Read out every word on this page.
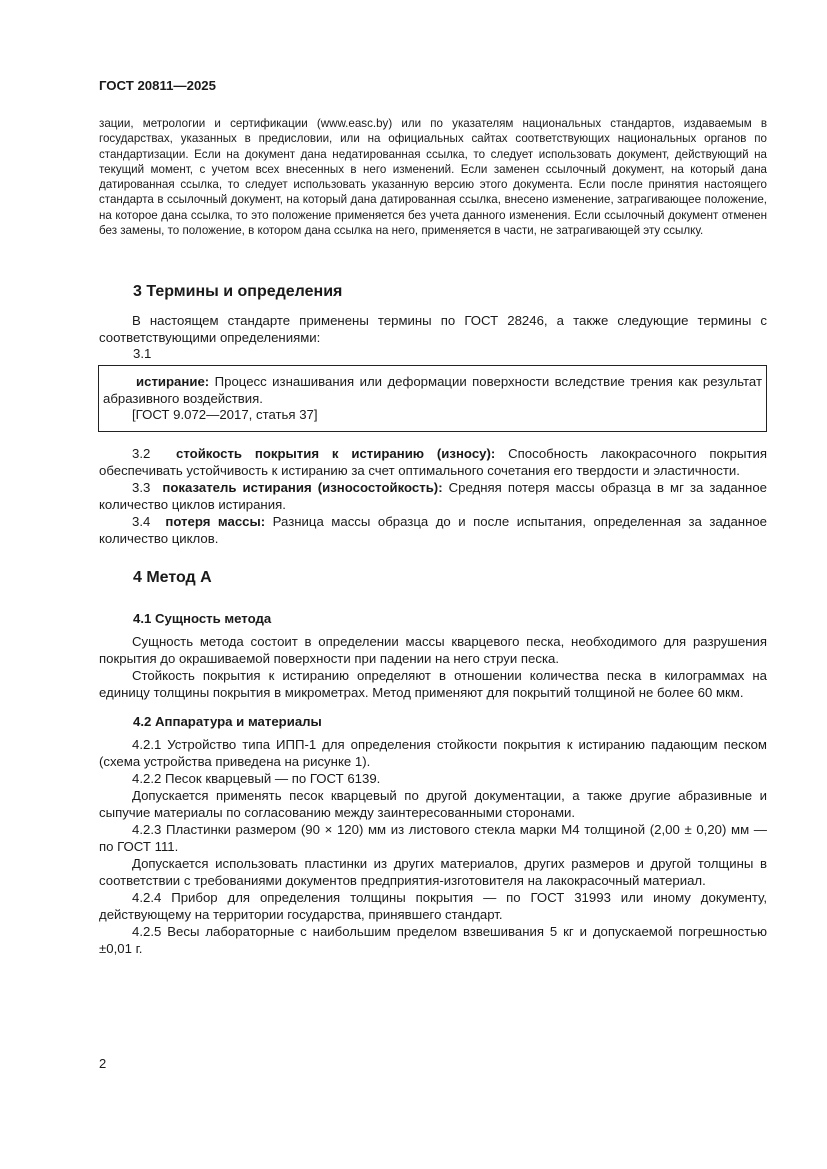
ГОСТ 20811—2025
зации, метрологии и сертификации (www.easc.by) или по указателям национальных стандартов, издаваемым в государствах, указанных в предисловии, или на официальных сайтах соответствующих национальных органов по стандартизации. Если на документ дана недатированная ссылка, то следует использовать документ, действующий на текущий момент, с учетом всех внесенных в него изменений. Если заменен ссылочный документ, на который дана датированная ссылка, то следует использовать указанную версию этого документа. Если после принятия настоящего стандарта в ссылочный документ, на который дана датированная ссылка, внесено изменение, затрагивающее положение, на которое дана ссылка, то это положение применяется без учета данного изменения. Если ссылочный документ отменен без замены, то положение, в котором дана ссылка на него, применяется в части, не затрагивающей эту ссылку.
3 Термины и определения
В настоящем стандарте применены термины по ГОСТ 28246, а также следующие термины с соответствующими определениями:
3.1
истирание: Процесс изнашивания или деформации поверхности вследствие трения как результат абразивного воздействия.
[ГОСТ 9.072—2017, статья 37]
3.2 стойкость покрытия к истиранию (износу): Способность лакокрасочного покрытия обеспечивать устойчивость к истиранию за счет оптимального сочетания его твердости и эластичности.
3.3 показатель истирания (износостойкость): Средняя потеря массы образца в мг за заданное количество циклов истирания.
3.4 потеря массы: Разница массы образца до и после испытания, определенная за заданное количество циклов.
4 Метод А
4.1 Сущность метода
Сущность метода состоит в определении массы кварцевого песка, необходимого для разрушения покрытия до окрашиваемой поверхности при падении на него струи песка.
Стойкость покрытия к истиранию определяют в отношении количества песка в килограммах на единицу толщины покрытия в микрометрах. Метод применяют для покрытий толщиной не более 60 мкм.
4.2 Аппаратура и материалы
4.2.1 Устройство типа ИПП-1 для определения стойкости покрытия к истиранию падающим песком (схема устройства приведена на рисунке 1).
4.2.2 Песок кварцевый — по ГОСТ 6139.
Допускается применять песок кварцевый по другой документации, а также другие абразивные и сыпучие материалы по согласованию между заинтересованными сторонами.
4.2.3 Пластинки размером (90 × 120) мм из листового стекла марки М4 толщиной (2,00 ± 0,20) мм — по ГОСТ 111.
Допускается использовать пластинки из других материалов, других размеров и другой толщины в соответствии с требованиями документов предприятия-изготовителя на лакокрасочный материал.
4.2.4 Прибор для определения толщины покрытия — по ГОСТ 31993 или иному документу, действующему на территории государства, принявшего стандарт.
4.2.5 Весы лабораторные с наибольшим пределом взвешивания 5 кг и допускаемой погрешностью ±0,01 г.
2
